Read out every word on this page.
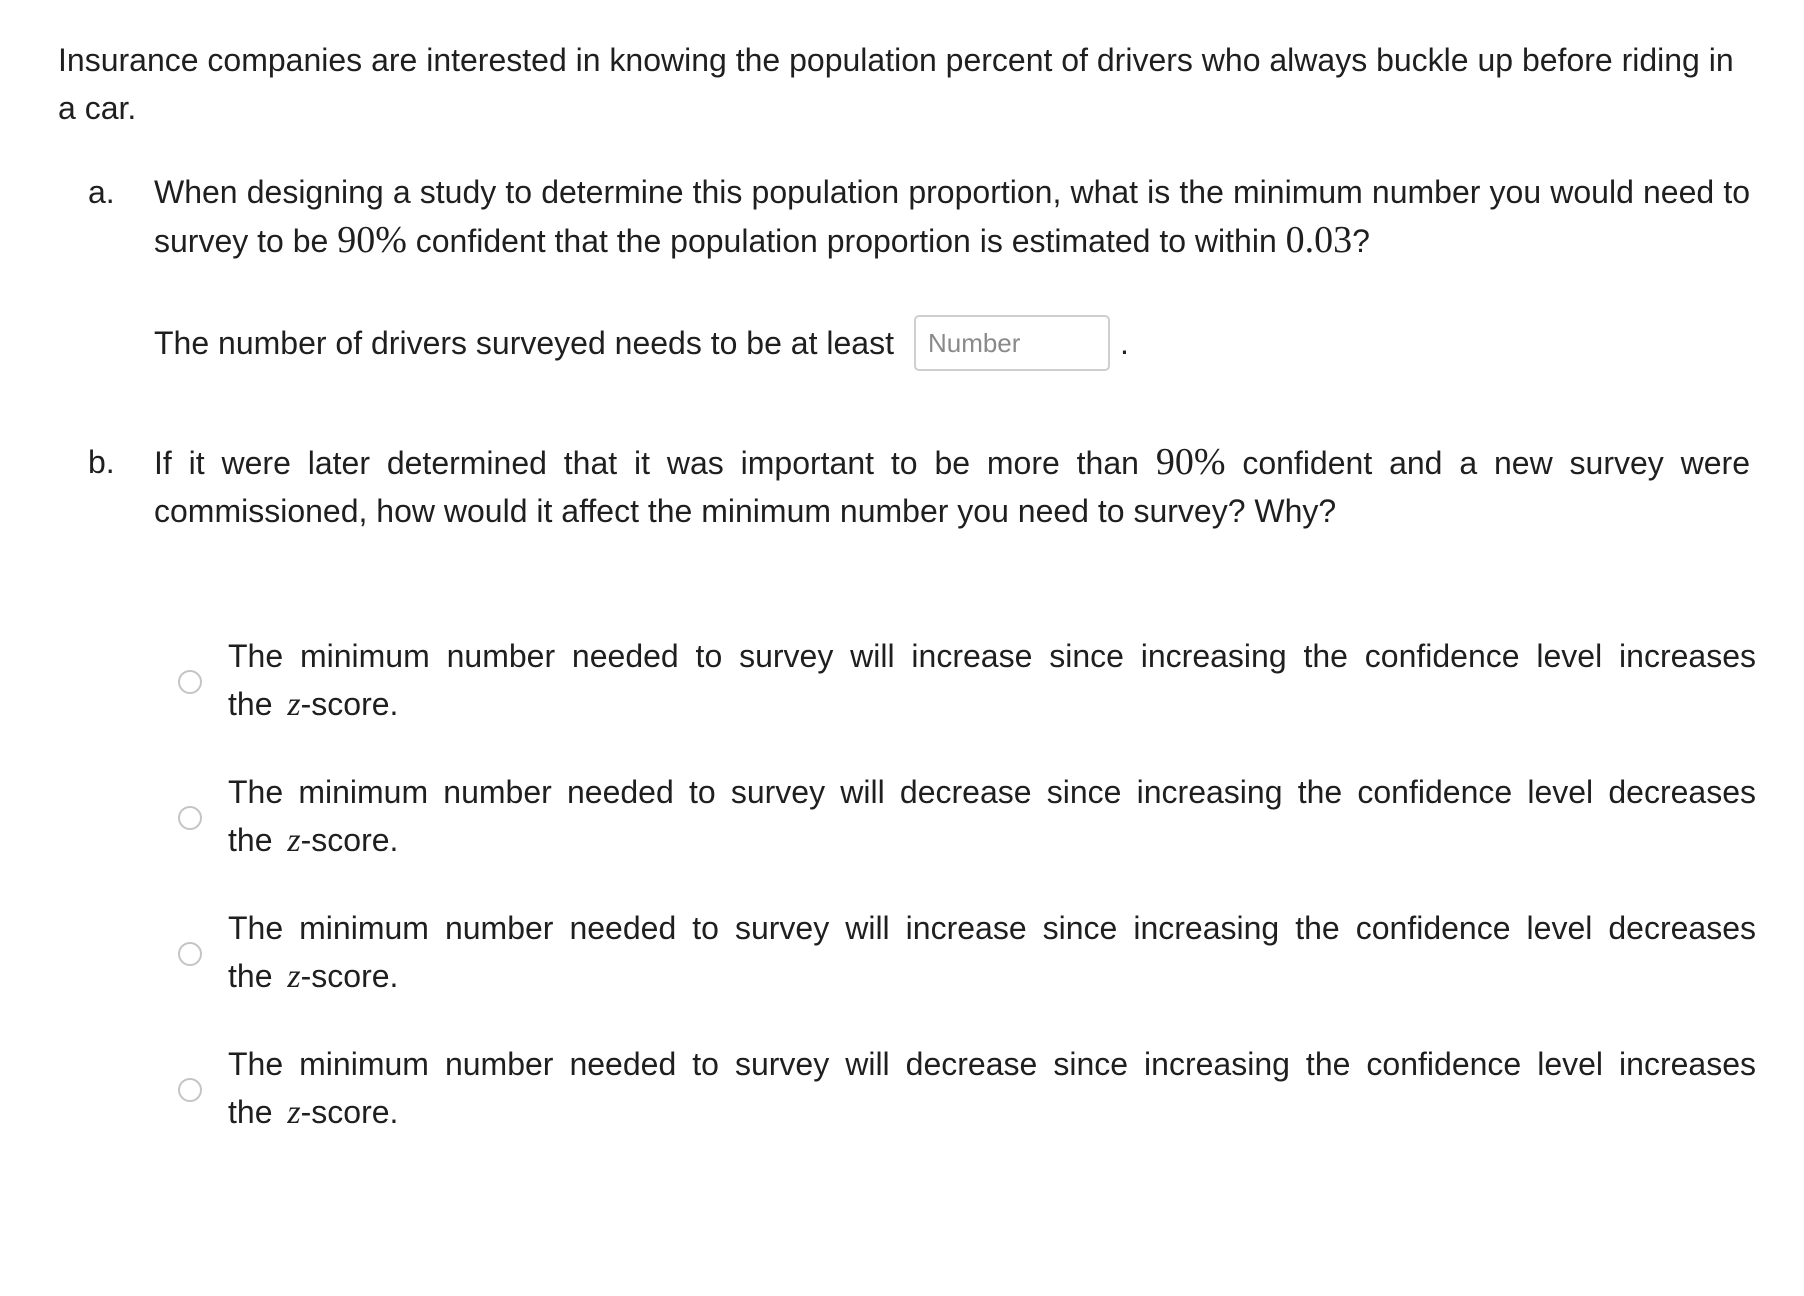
Insurance companies are interested in knowing the population percent of drivers who always buckle up before riding in a car.

a. When designing a study to determine this population proportion, what is the minimum number you would need to survey to be 90% confident that the population proportion is estimated to within 0.03?

The number of drivers surveyed needs to be at least
Number	.
b. If it were later determined that it was important to be more than 90% confident and a new survey were commissioned, how would it affect the minimum number you need to survey? Why?

The minimum number needed to survey will increase since increasing the confidence level increases the z-score.

The minimum number needed to survey will decrease since increasing the confidence level decreases the z-score.

The minimum number needed to survey will increase since increasing the confidence level decreases the z-score.

The minimum number needed to survey will decrease since increasing the confidence level increases the z-score.
